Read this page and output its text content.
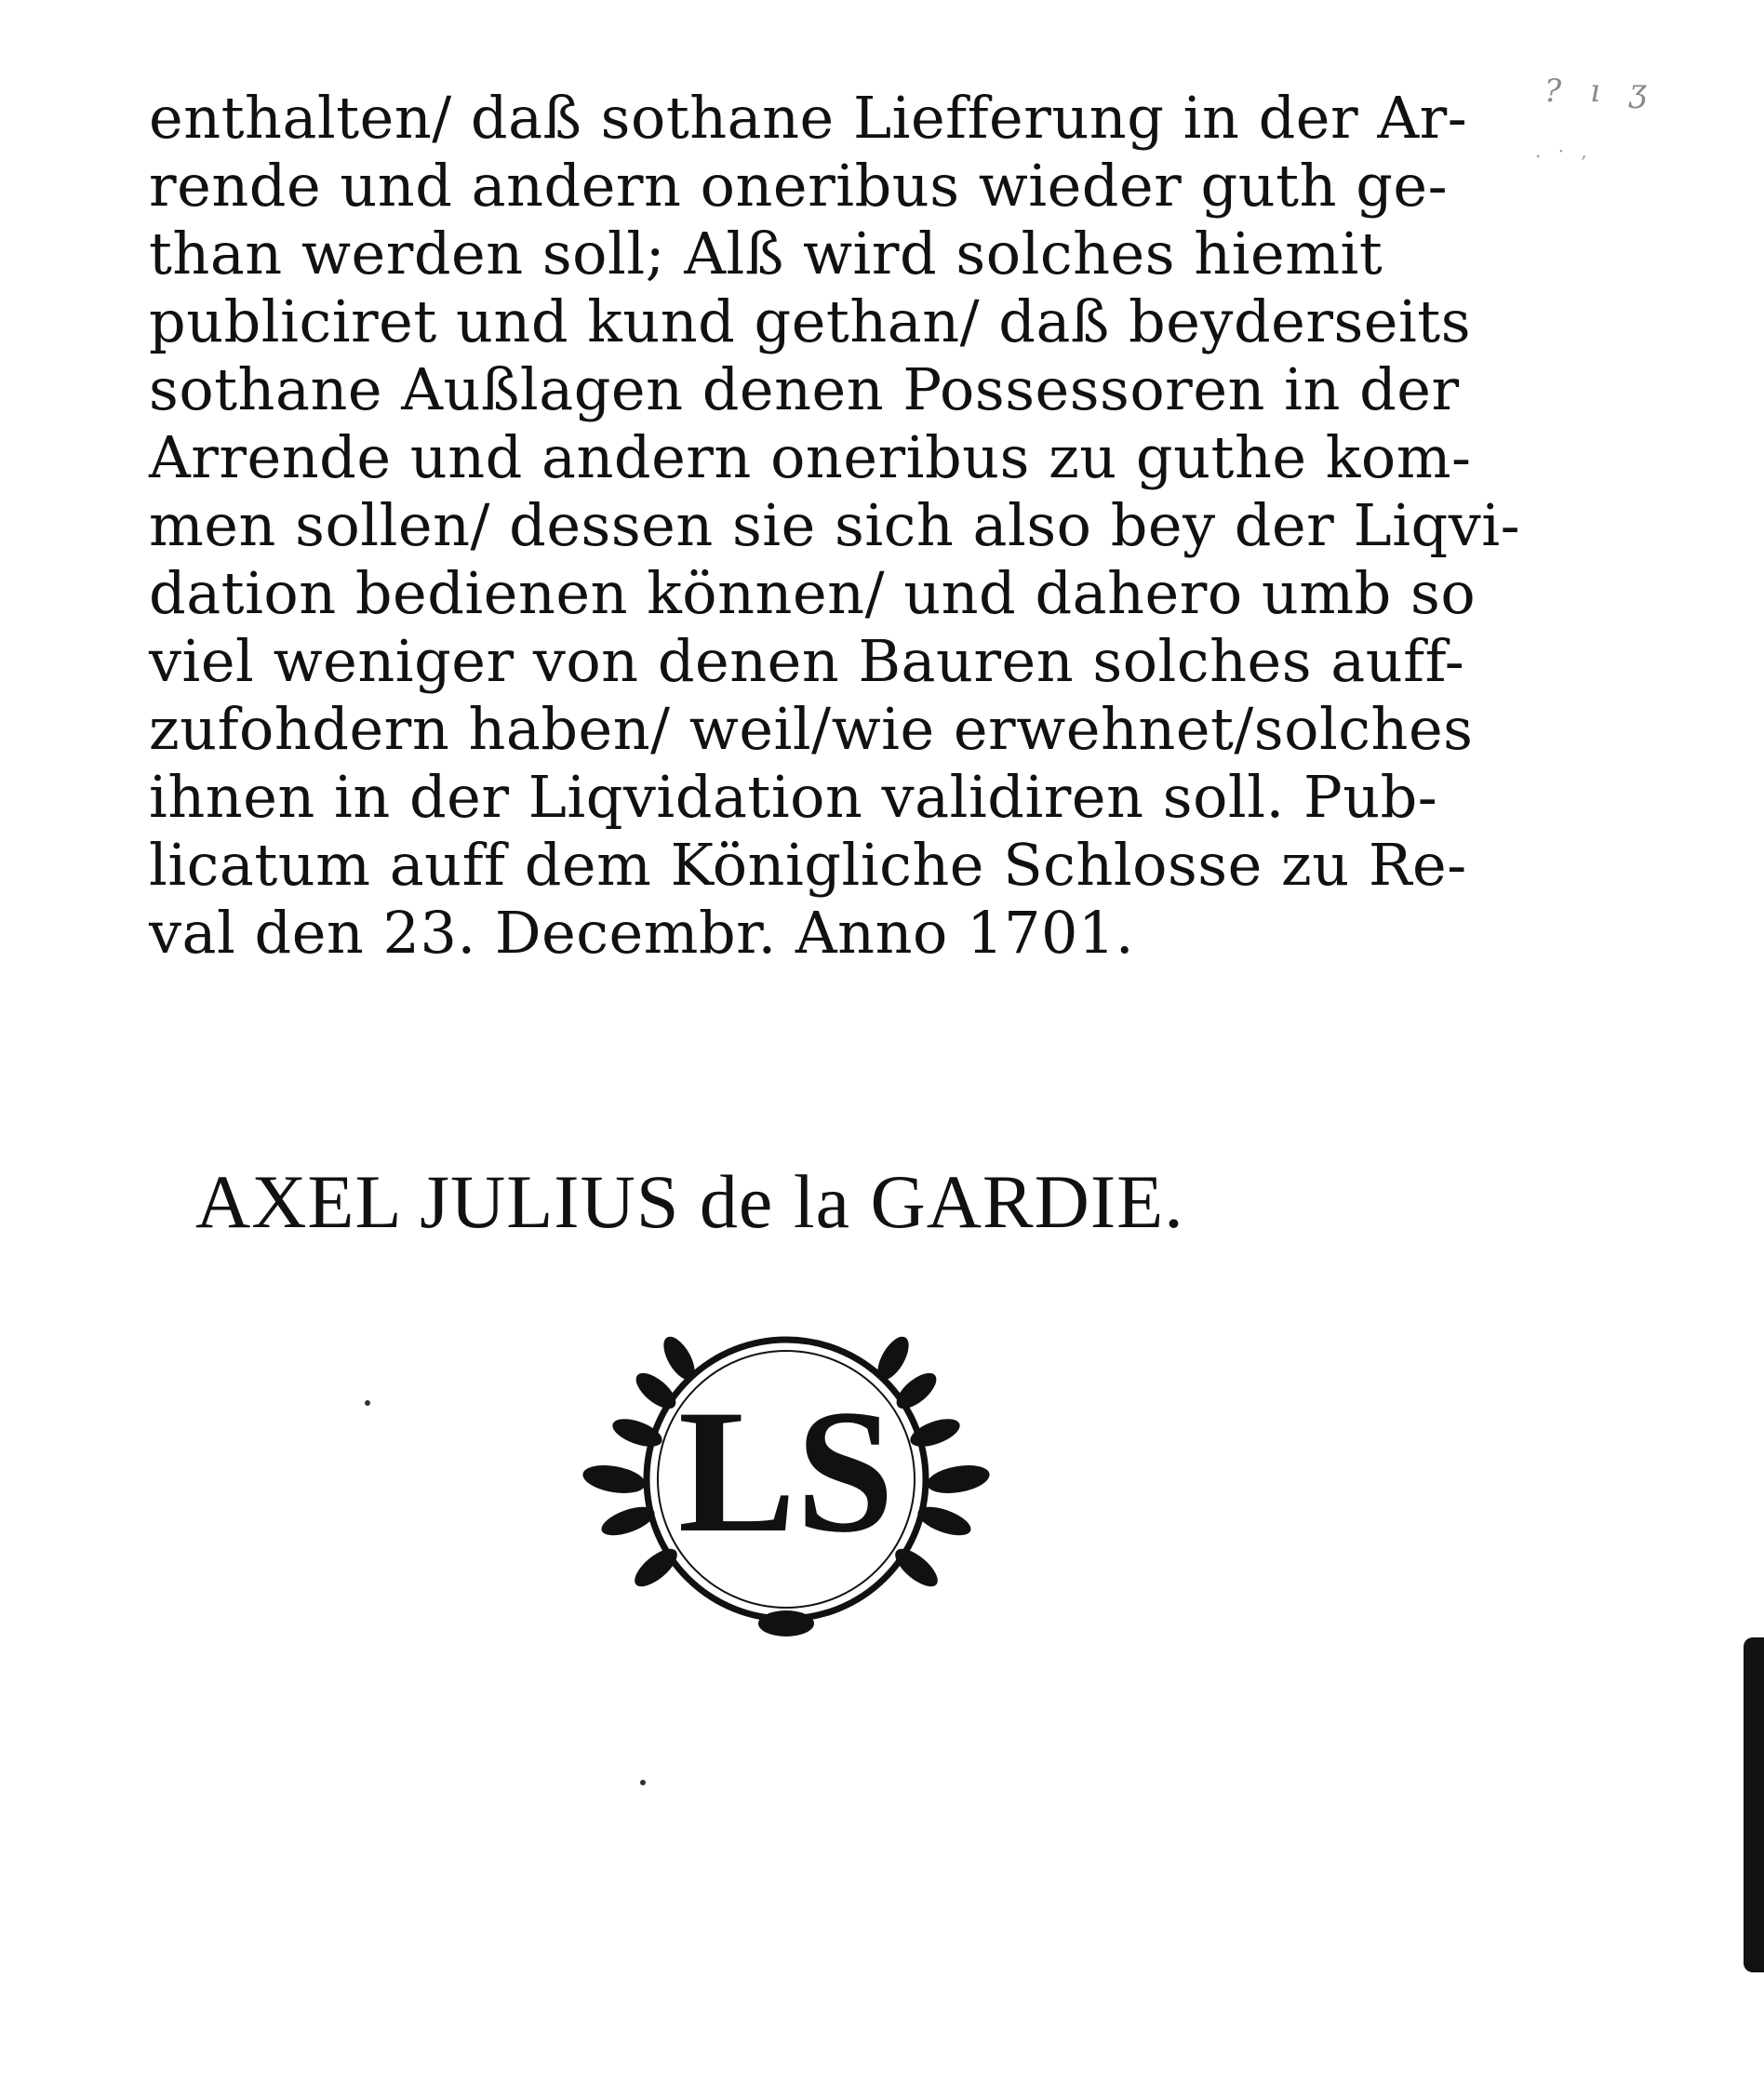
? ı ʒ
. · ,
enthalten/ daß sothane Liefferung in der Ar-
rende und andern oneribus wieder guth ge-
than werden soll; Alß wird solches hiemit
publiciret und kund gethan/ daß beyderseits
sothane Außlagen denen Possessoren in der
Arrende und andern oneribus zu guthe kom-
men sollen/ dessen sie sich also bey der Liqvi-
dation bedienen können/ und dahero umb so
viel weniger von denen Bauren solches auff-
zufohdern haben/ weil/wie erwehnet/solches
ihnen in der Liqvidation validiren soll. Pub-
licatum auff dem Königliche Schlosse zu Re-
val den 23. Decembr. Anno 1701.
AXEL JULIUS de la GARDIE.
LS
